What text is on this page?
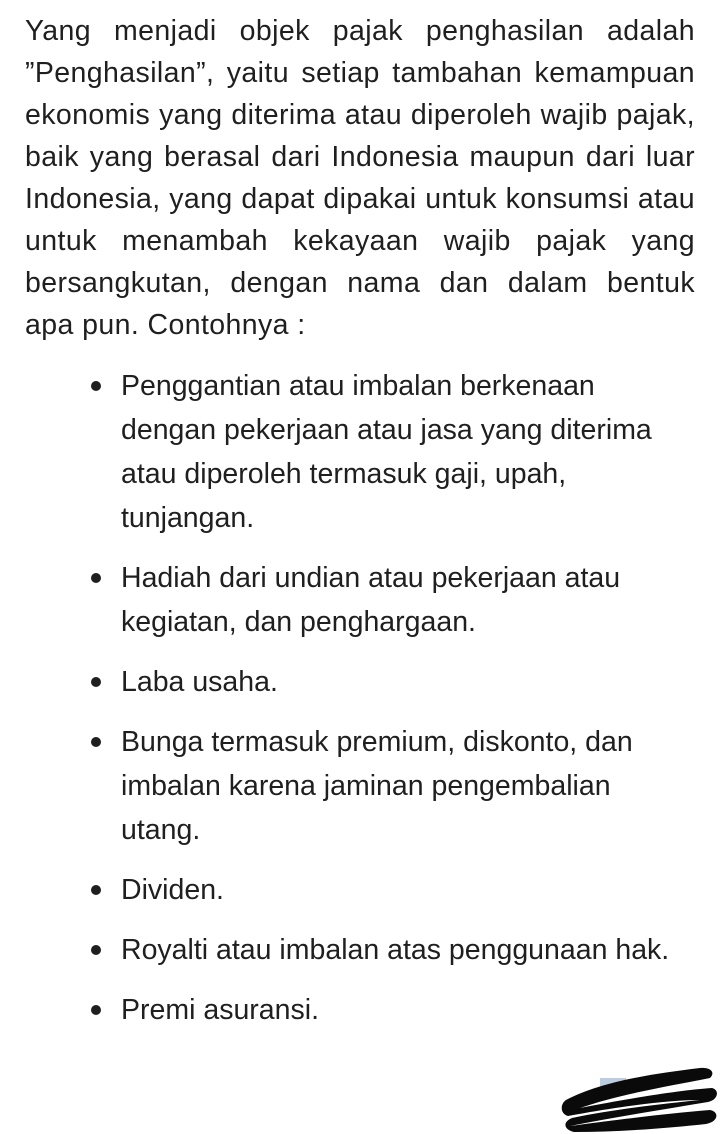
Yang menjadi objek pajak penghasilan adalah ”Penghasilan”, yaitu setiap tambahan kemampuan ekonomis yang diterima atau diperoleh wajib pajak, baik yang berasal dari Indonesia maupun dari luar Indonesia, yang dapat dipakai untuk konsumsi atau untuk menambah kekayaan wajib pajak yang bersangkutan, dengan nama dan dalam bentuk apa pun. Contohnya :

Penggantian atau imbalan berkenaan dengan pekerjaan atau jasa yang diterima atau diperoleh termasuk gaji, upah, tunjangan.
Hadiah dari undian atau pekerjaan atau kegiatan, dan penghargaan.
Laba usaha.
Bunga termasuk premium, diskonto, dan imbalan karena jaminan pengembalian utang.
Dividen.
Royalti atau imbalan atas penggunaan hak.
Premi asuransi.
